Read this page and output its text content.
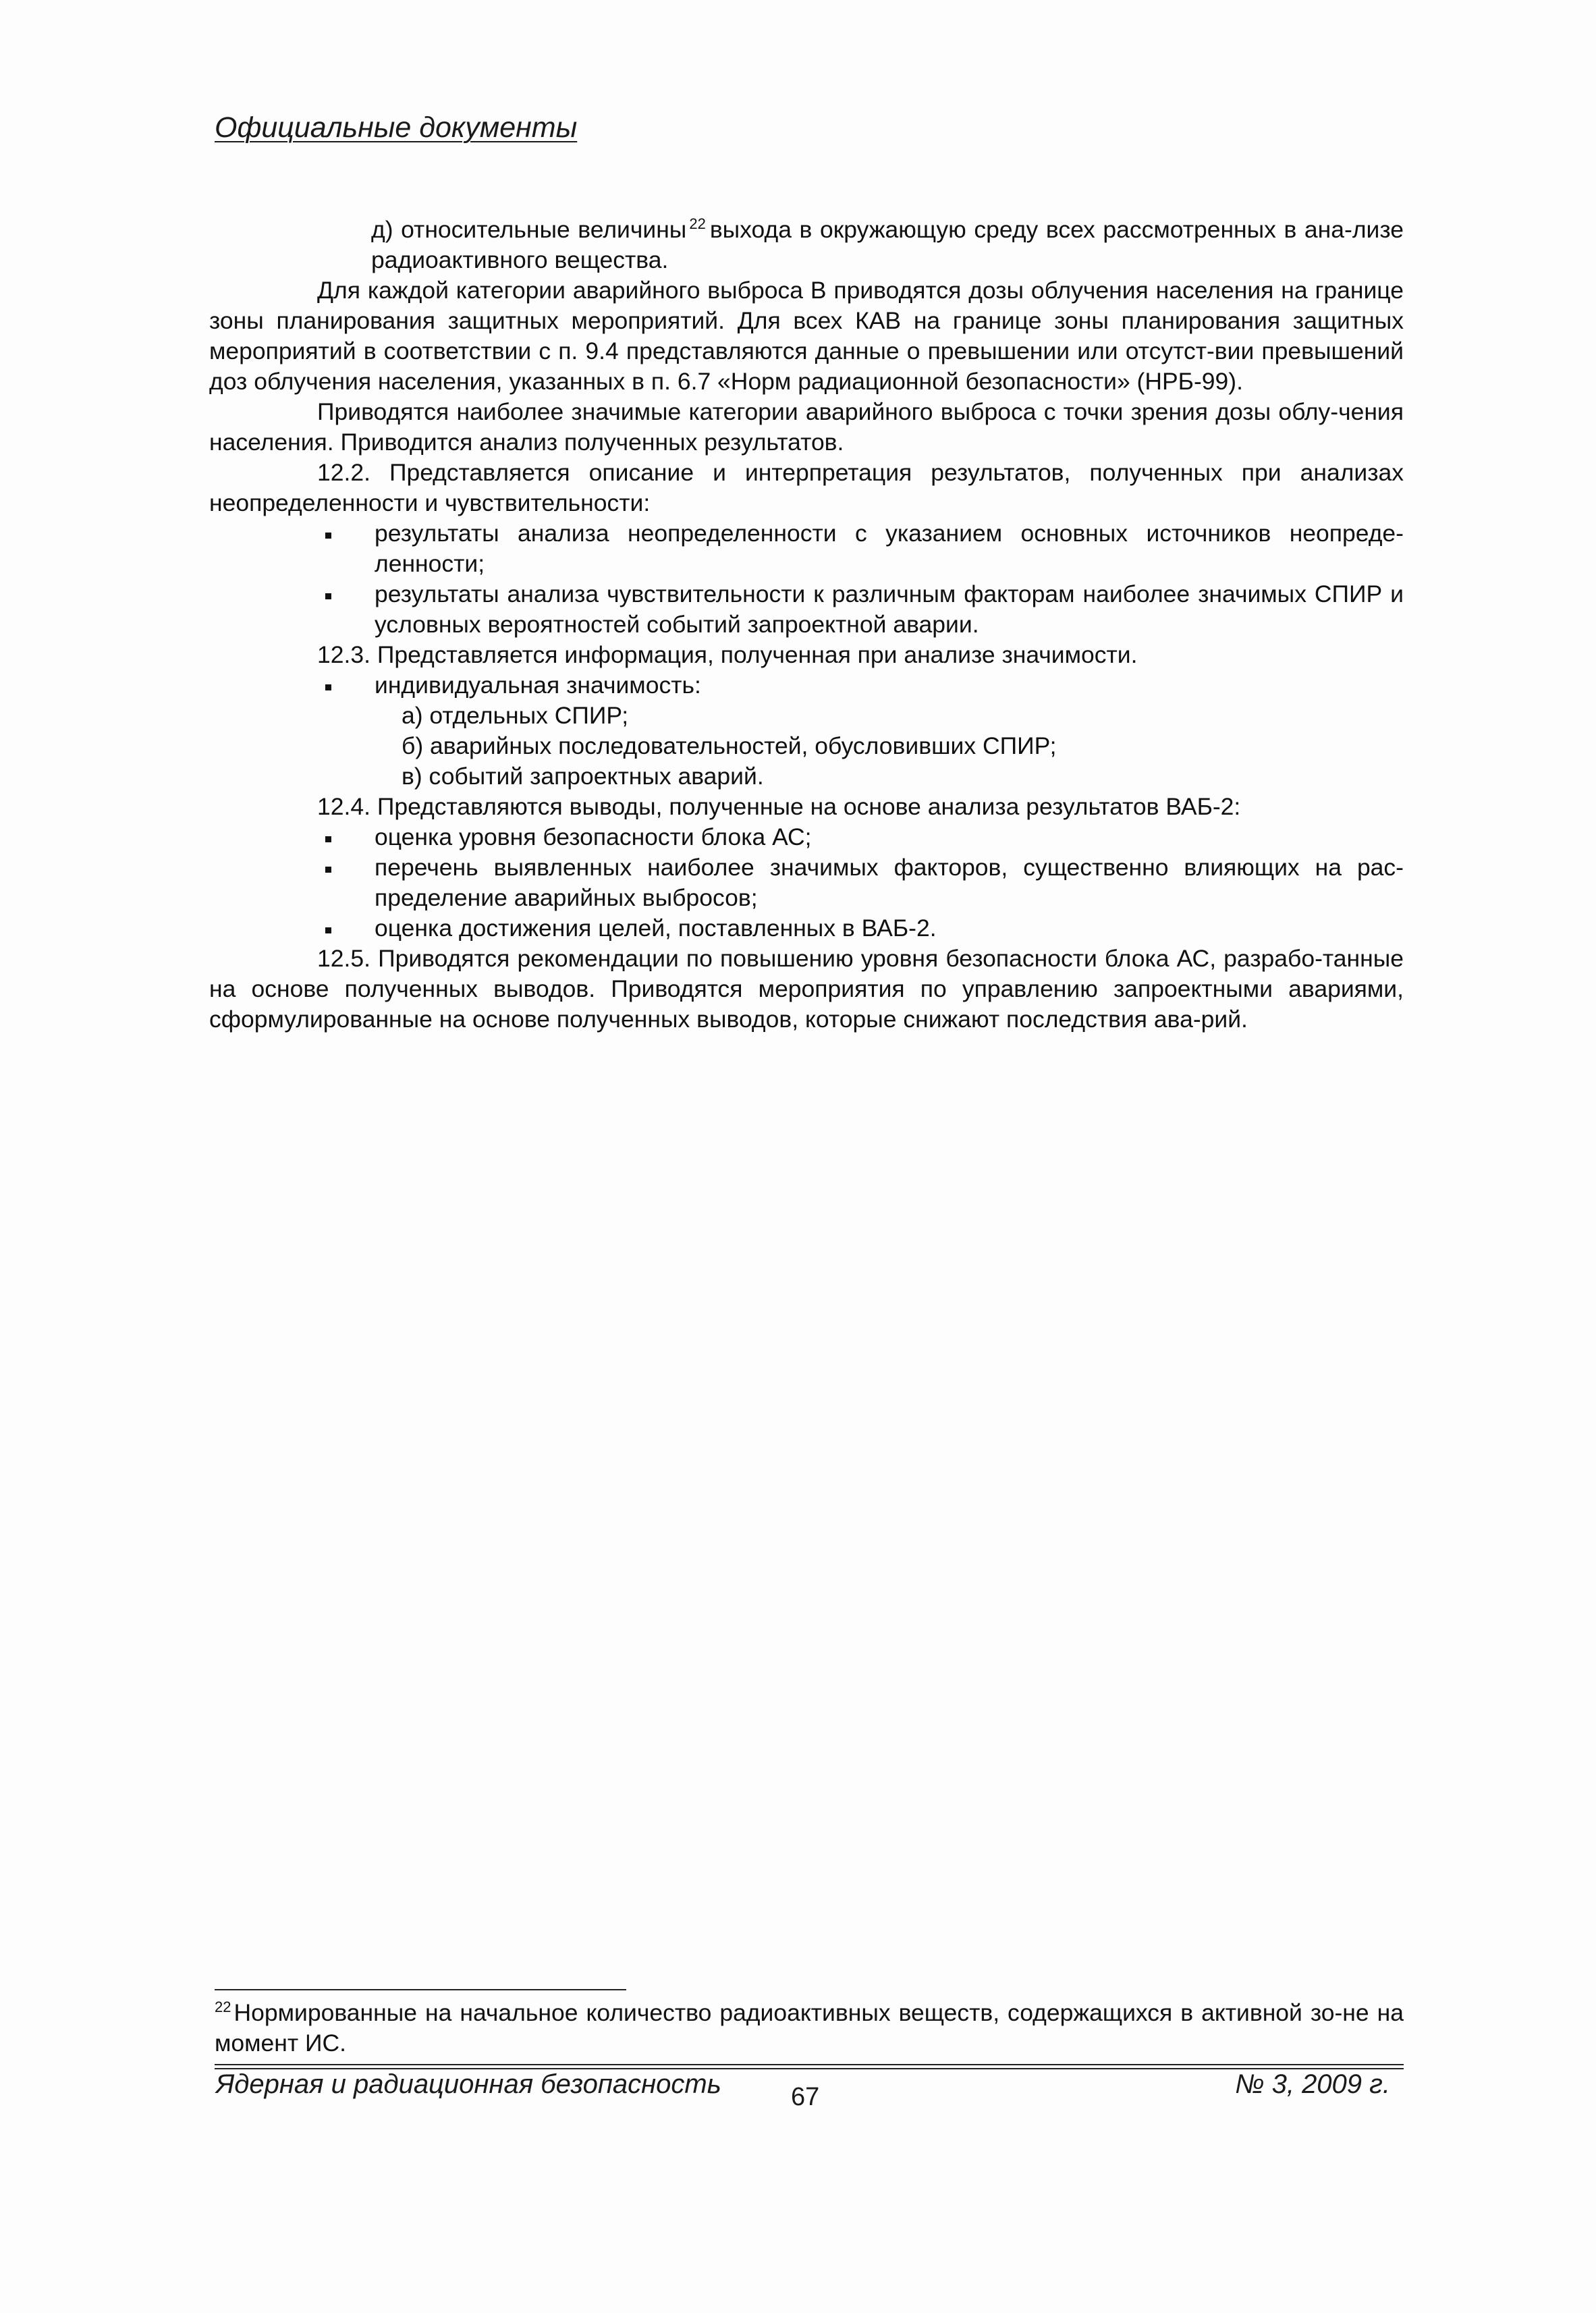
Официальные документы

д) относительные величины $^{22}$ выхода в окружающую среду всех рассмотренных в ана-лизе радиоактивного вещества.

Для каждой категории аварийного выброса В приводятся дозы облучения населения на границе зоны планирования защитных мероприятий. Для всех КАВ на границе зоны планирования защитных мероприятий в соответствии с п. 9.4 представляются данные о превышении или отсутст-вии превышений доз облучения населения, указанных в п. 6.7 «Норм радиационной безопасности» (НРБ-99).

Приводятся наиболее значимые категории аварийного выброса с точки зрения дозы облу-чения населения. Приводится анализ полученных результатов.

12.2. Представляется описание и интерпретация результатов, полученных при анализах неопределенности и чувствительности:

результаты анализа неопределенности с указанием основных источников неопреде-ленности;

результаты анализа чувствительности к различным факторам наиболее значимых СПИР и условных вероятностей событий запроектной аварии.

12.3. Представляется информация, полученная при анализе значимости.

индивидуальная значимость:

а) отдельных СПИР;

б) аварийных последовательностей, обусловивших СПИР;

в) событий запроектных аварий.

12.4. Представляются выводы, полученные на основе анализа результатов ВАБ-2:

оценка уровня безопасности блока АС;

перечень выявленных наиболее значимых факторов, существенно влияющих на рас-пределение аварийных выбросов;

оценка достижения целей, поставленных в ВАБ-2.

12.5. Приводятся рекомендации по повышению уровня безопасности блока АС, разрабо-танные на основе полученных выводов. Приводятся мероприятия по управлению запроектными авариями, сформулированные на основе полученных выводов, которые снижают последствия ава-рий.

$^{22}$ Нормированные на начальное количество радиоактивных веществ, содержащихся в активной зо-не на момент ИС.
Ядерная и радиационная безопасность	67	№ 3, 2009 г.
